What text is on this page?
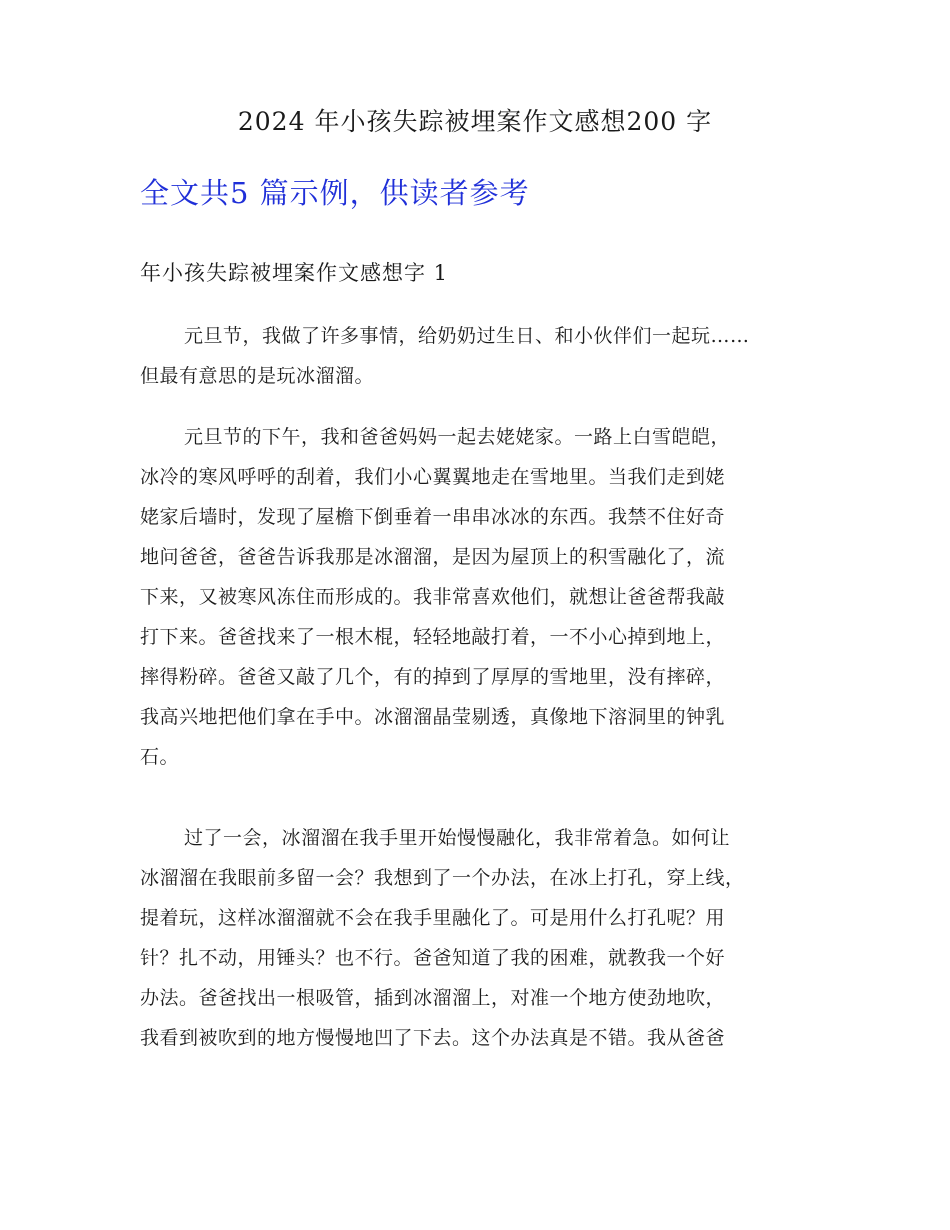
2024 年小孩失踪被埋案作文感想200 字
全文共5 篇示例，供读者参考
年小孩失踪被埋案作文感想字 1
元旦节，我做了许多事情，给奶奶过生日、和小伙伴们一起玩……
但最有意思的是玩冰溜溜。
元旦节的下午，我和爸爸妈妈一起去姥姥家。一路上白雪皑皑，
冰冷的寒风呼呼的刮着，我们小心翼翼地走在雪地里。当我们走到姥
姥家后墙时，发现了屋檐下倒垂着一串串冰冰的东西。我禁不住好奇
地问爸爸，爸爸告诉我那是冰溜溜，是因为屋顶上的积雪融化了，流
下来，又被寒风冻住而形成的。我非常喜欢他们，就想让爸爸帮我敲
打下来。爸爸找来了一根木棍，轻轻地敲打着，一不小心掉到地上，
摔得粉碎。爸爸又敲了几个，有的掉到了厚厚的雪地里，没有摔碎，
我高兴地把他们拿在手中。冰溜溜晶莹剔透，真像地下溶洞里的钟乳
石。
过了一会，冰溜溜在我手里开始慢慢融化，我非常着急。如何让
冰溜溜在我眼前多留一会？我想到了一个办法，在冰上打孔，穿上线，
提着玩，这样冰溜溜就不会在我手里融化了。可是用什么打孔呢？用
针？扎不动，用锤头？也不行。爸爸知道了我的困难，就教我一个好
办法。爸爸找出一根吸管，插到冰溜溜上，对准一个地方使劲地吹，
我看到被吹到的地方慢慢地凹了下去。这个办法真是不错。我从爸爸
